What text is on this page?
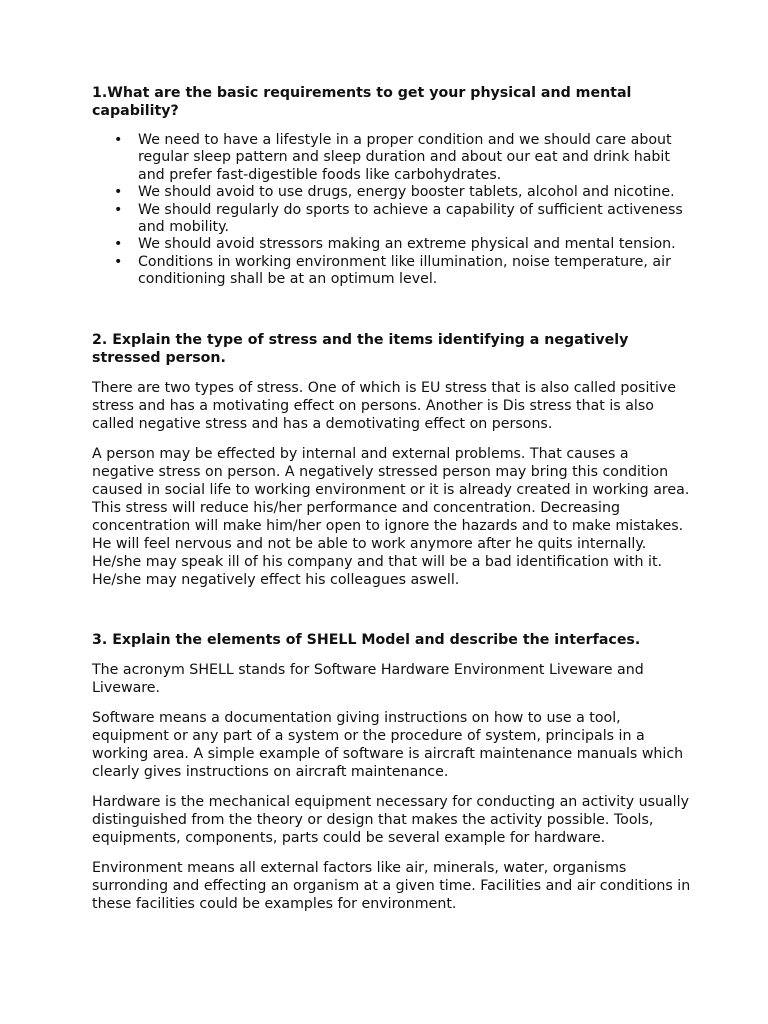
1.What are the basic requirements to get your physical and mental capability?
• We need to have a lifestyle in a proper condition and we should care about regular sleep pattern and sleep duration and about our eat and drink habit and prefer fast-digestible foods like carbohydrates.
• We should avoid to use drugs, energy booster tablets, alcohol and nicotine.
• We should regularly do sports to achieve a capability of sufficient activeness and mobility.
• We should avoid stressors making an extreme physical and mental tension.
• Conditions in working environment like illumination, noise temperature, air conditioning shall be at an optimum level.
2. Explain the type of stress and the items identifying a negatively stressed person.

There are two types of stress. One of which is EU stress that is also called positive stress and has a motivating effect on persons. Another is Dis stress that is also called negative stress and has a demotivating effect on persons.

A person may be effected by internal and external problems. That causes a negative stress on person. A negatively stressed person may bring this condition caused in social life to working environment or it is already created in working area. This stress will reduce his/her performance and concentration. Decreasing concentration will make him/her open to ignore the hazards and to make mistakes. He will feel nervous and not be able to work anymore after he quits internally. He/she may speak ill of his company and that will be a bad identification with it. He/she may negatively effect his colleagues aswell.

3. Explain the elements of SHELL Model and describe the interfaces.

The acronym SHELL stands for Software Hardware Environment Liveware and Liveware.

Software means a documentation giving instructions on how to use a tool, equipment or any part of a system or the procedure of system, principals in a working area. A simple example of software is aircraft maintenance manuals which clearly gives instructions on aircraft maintenance.

Hardware is the mechanical equipment necessary for conducting an activity usually distinguished from the theory or design that makes the activity possible. Tools, equipments, components, parts could be several example for hardware.

Environment means all external factors like air, minerals, water, organisms surronding and effecting an organism at a given time. Facilities and air conditions in these facilities could be examples for environment.
